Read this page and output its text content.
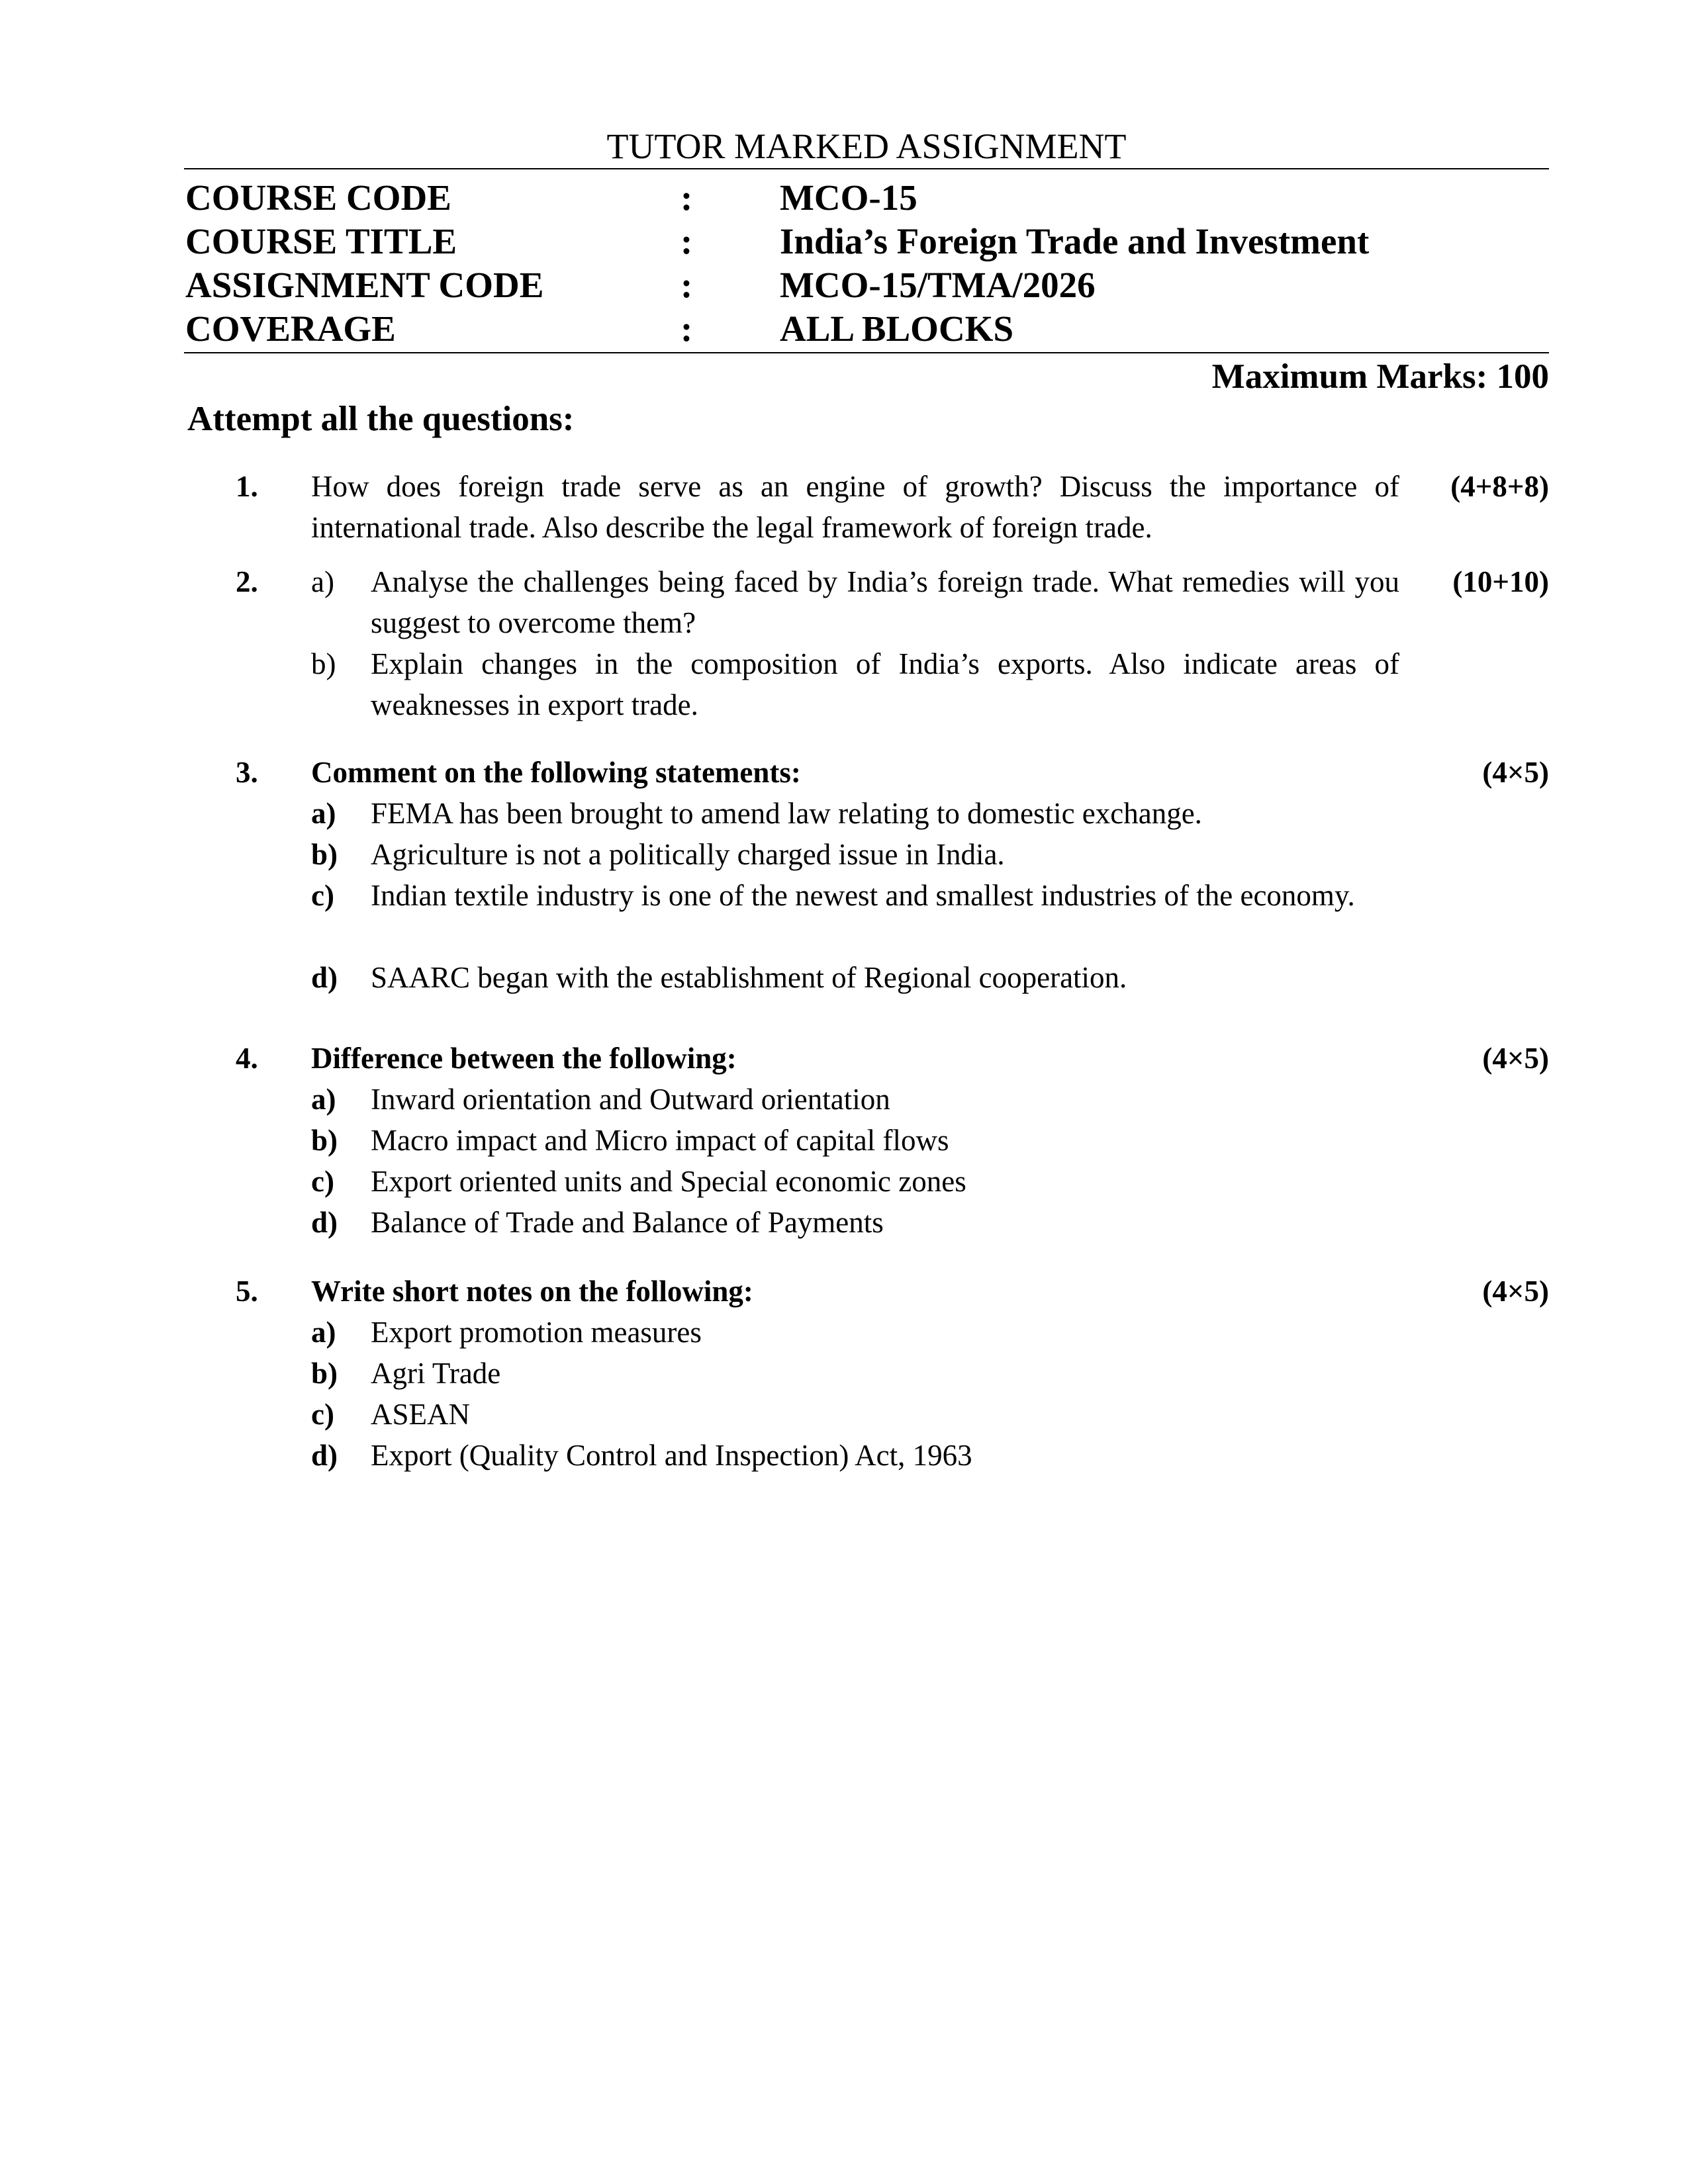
TUTOR MARKED ASSIGNMENT
COURSE CODE	: MCO-15
COURSE TITLE	: India’s Foreign Trade and Investment
ASSIGNMENT CODE	: MCO-15/TMA/2026
COVERAGE	: ALL BLOCKS
Maximum Marks: 100
Attempt all the questions:
1. How does foreign trade serve as an engine of growth? Discuss the importance of international trade. Also describe the legal framework of foreign trade.
(4+8+8)
2.	(10+10)
a) Analyse the challenges being faced by India’s foreign trade. What remedies will you suggest to overcome them?
b) Explain changes in the composition of India’s exports. Also indicate areas of weaknesses in export trade.
3. Comment on the following statements:	(4×5)
a) FEMA has been brought to amend law relating to domestic exchange.
b) Agriculture is not a politically charged issue in India.
c) Indian textile industry is one of the newest and smallest industries of the economy.
d) SAARC began with the establishment of Regional cooperation.
4. Difference between the following:	(4×5)
a) Inward orientation and Outward orientation
b) Macro impact and Micro impact of capital flows
c) Export oriented units and Special economic zones
d) Balance of Trade and Balance of Payments
5. Write short notes on the following:	(4×5)
a) Export promotion measures
b) Agri Trade
c) ASEAN
d) Export (Quality Control and Inspection) Act, 1963
